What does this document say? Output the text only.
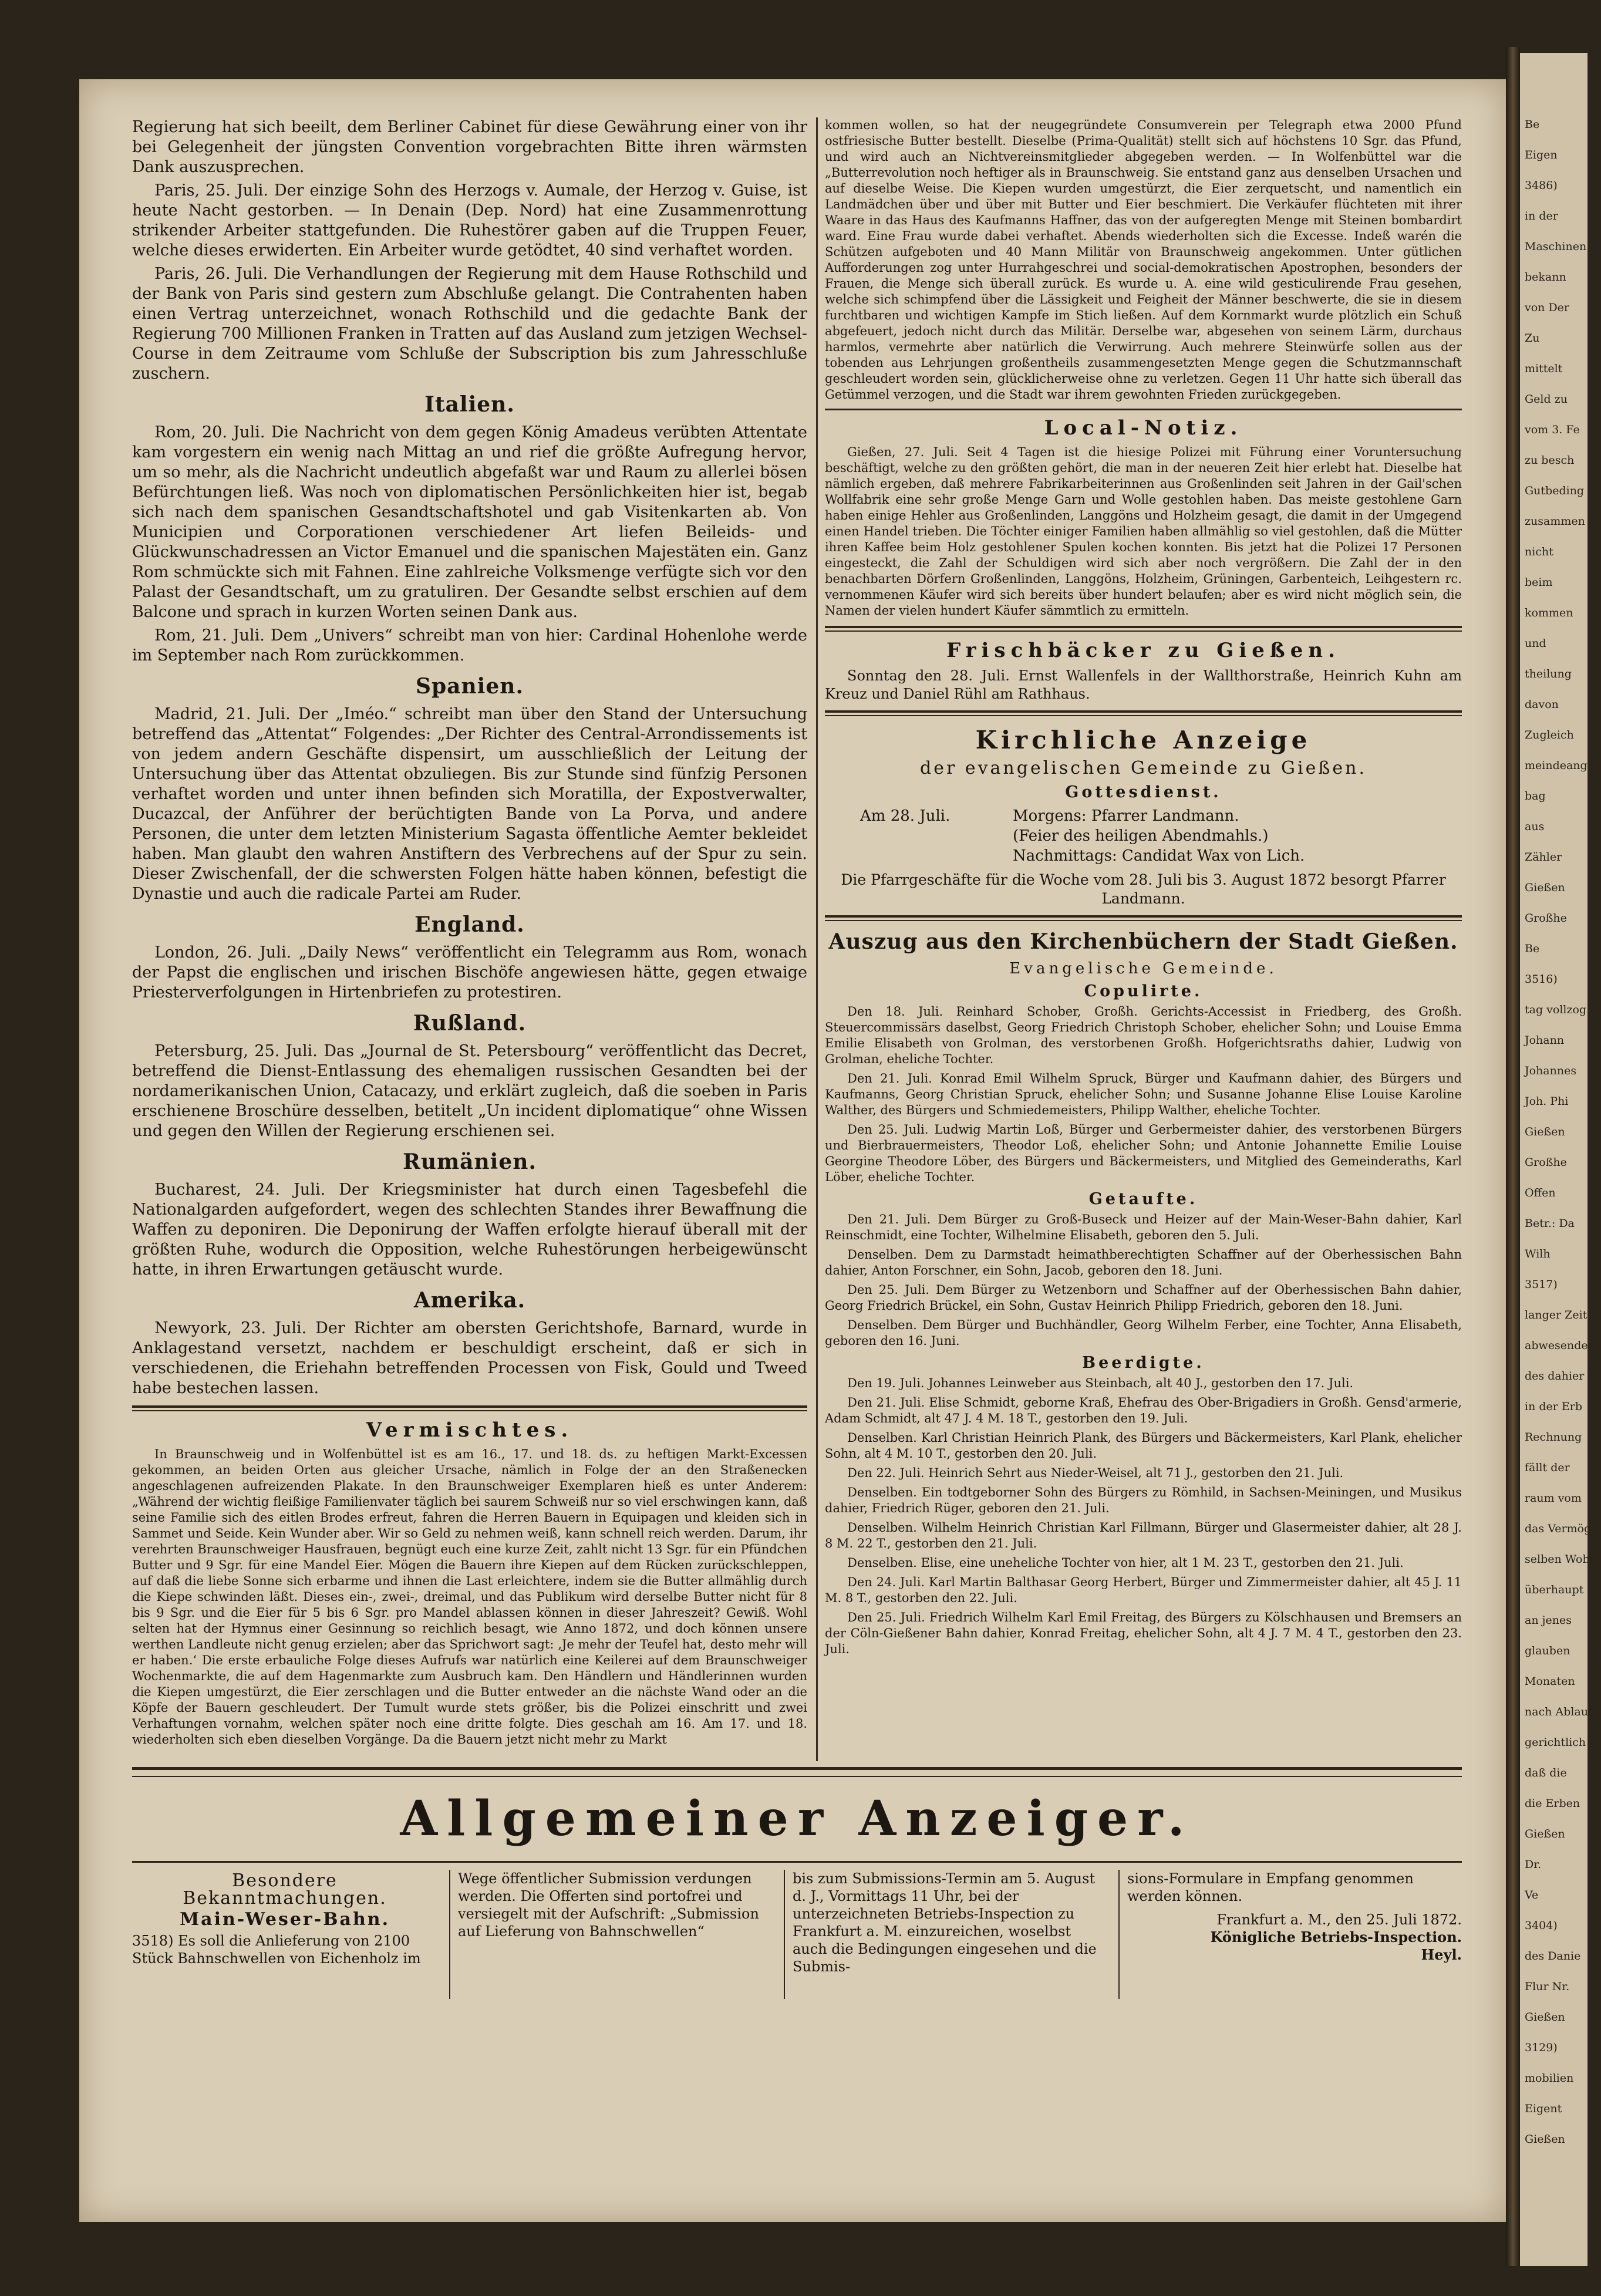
Be
Eigen
3486)
in der
Maschinen
bekann
von Der
Zu
mittelt
Geld zu
vom 3. Fe
zu besch
Gutbeding
zusammen
nicht
beim
kommen
und
theilung
davon
Zugleich
meindeangeh
bag
aus
Zähler
Gießen
Großhe
Be
3516)
tag vollzog
Johann
Johannes
Joh. Phi
Gießen
Großhe
Offen
Betr.: Da
Wilh
3517)
langer Zeit
abwesenden
des dahier
in der Erb
Rechnung
fällt der
raum vom
das Vermög
selben Wohn
überhaupt
an jenes
glauben
Monaten
nach Ablauf
gerichtlich
daß die
die Erben
Gießen
Dr.
Ve
3404)
des Danie
Flur Nr.
Gießen
3129)
mobilien
Eigent
Gießen

Regierung hat sich beeilt, dem Berliner Cabinet für diese Gewährung einer von ihr bei Gelegenheit der jüngsten Convention vorgebrachten Bitte ihren wärmsten Dank auszusprechen.

Paris, 25. Juli. Der einzige Sohn des Herzogs v. Aumale, der Herzog v. Guise, ist heute Nacht gestorben. — In Denain (Dep. Nord) hat eine Zusammenrottung strikender Arbeiter stattgefunden. Die Ruhestörer gaben auf die Truppen Feuer, welche dieses erwiderten. Ein Arbeiter wurde getödtet, 40 sind verhaftet worden.

Paris, 26. Juli. Die Verhandlungen der Regierung mit dem Hause Rothschild und der Bank von Paris sind gestern zum Abschluße gelangt. Die Contrahenten haben einen Vertrag unterzeichnet, wonach Rothschild und die gedachte Bank der Regierung 700 Millionen Franken in Tratten auf das Ausland zum jetzigen Wechsel-Course in dem Zeitraume vom Schluße der Subscription bis zum Jahresschluße zuschern.

Italien.

Rom, 20. Juli. Die Nachricht von dem gegen König Amadeus verübten Attentate kam vorgestern ein wenig nach Mittag an und rief die größte Aufregung hervor, um so mehr, als die Nachricht undeutlich abgefaßt war und Raum zu allerlei bösen Befürchtungen ließ. Was noch von diplomatischen Persönlichkeiten hier ist, begab sich nach dem spanischen Gesandtschaftshotel und gab Visitenkarten ab. Von Municipien und Corporationen verschiedener Art liefen Beileids- und Glückwunschadressen an Victor Emanuel und die spanischen Majestäten ein. Ganz Rom schmückte sich mit Fahnen. Eine zahlreiche Volksmenge verfügte sich vor den Palast der Gesandtschaft, um zu gratuliren. Der Gesandte selbst erschien auf dem Balcone und sprach in kurzen Worten seinen Dank aus.

Rom, 21. Juli. Dem „Univers“ schreibt man von hier: Cardinal Hohenlohe werde im September nach Rom zurückkommen.

Spanien.

Madrid, 21. Juli. Der „Iméo.“ schreibt man über den Stand der Untersuchung betreffend das „Attentat“ Folgendes: „Der Richter des Central-Arrondissements ist von jedem andern Geschäfte dispensirt, um ausschließlich der Leitung der Untersuchung über das Attentat obzuliegen. Bis zur Stunde sind fünfzig Personen verhaftet worden und unter ihnen befinden sich Moratilla, der Expostverwalter, Ducazcal, der Anführer der berüchtigten Bande von La Porva, und andere Personen, die unter dem letzten Ministerium Sagasta öffentliche Aemter bekleidet haben. Man glaubt den wahren Anstiftern des Verbrechens auf der Spur zu sein. Dieser Zwischenfall, der die schwersten Folgen hätte haben können, befestigt die Dynastie und auch die radicale Partei am Ruder.

England.

London, 26. Juli. „Daily News“ veröffentlicht ein Telegramm aus Rom, wonach der Papst die englischen und irischen Bischöfe angewiesen hätte, gegen etwaige Priesterverfolgungen in Hirtenbriefen zu protestiren.

Rußland.

Petersburg, 25. Juli. Das „Journal de St. Petersbourg“ veröffentlicht das Decret, betreffend die Dienst-Entlassung des ehemaligen russischen Gesandten bei der nordamerikanischen Union, Catacazy, und erklärt zugleich, daß die soeben in Paris erschienene Broschüre desselben, betitelt „Un incident diplomatique“ ohne Wissen und gegen den Willen der Regierung erschienen sei.

Rumänien.

Bucharest, 24. Juli. Der Kriegsminister hat durch einen Tagesbefehl die Nationalgarden aufgefordert, wegen des schlechten Standes ihrer Bewaffnung die Waffen zu deponiren. Die Deponirung der Waffen erfolgte hierauf überall mit der größten Ruhe, wodurch die Opposition, welche Ruhestörungen herbeigewünscht hatte, in ihren Erwartungen getäuscht wurde.

Amerika.

Newyork, 23. Juli. Der Richter am obersten Gerichtshofe, Barnard, wurde in Anklagestand versetzt, nachdem er beschuldigt erscheint, daß er sich in verschiedenen, die Eriehahn betreffenden Processen von Fisk, Gould und Tweed habe bestechen lassen.

Vermischtes.

In Braunschweig und in Wolfenbüttel ist es am 16., 17. und 18. ds. zu heftigen Markt-Excessen gekommen, an beiden Orten aus gleicher Ursache, nämlich in Folge der an den Straßenecken angeschlagenen aufreizenden Plakate. In den Braunschweiger Exemplaren hieß es unter Anderem: „Während der wichtig fleißige Familienvater täglich bei saurem Schweiß nur so viel erschwingen kann, daß seine Familie sich des eitlen Brodes erfreut, fahren die Herren Bauern in Equipagen und kleiden sich in Sammet und Seide. Kein Wunder aber. Wir so Geld zu nehmen weiß, kann schnell reich werden. Darum, ihr verehrten Braunschweiger Hausfrauen, begnügt euch eine kurze Zeit, zahlt nicht 13 Sgr. für ein Pfündchen Butter und 9 Sgr. für eine Mandel Eier. Mögen die Bauern ihre Kiepen auf dem Rücken zurückschleppen, auf daß die liebe Sonne sich erbarme und ihnen die Last erleichtere, indem sie die Butter allmählig durch die Kiepe schwinden läßt. Dieses ein-, zwei-, dreimal, und das Publikum wird derselbe Butter nicht für 8 bis 9 Sgr. und die Eier für 5 bis 6 Sgr. pro Mandel ablassen können in dieser Jahreszeit? Gewiß. Wohl selten hat der Hymnus einer Gesinnung so reichlich besagt, wie Anno 1872, und doch können unsere werthen Landleute nicht genug erzielen; aber das Sprichwort sagt: ‚Je mehr der Teufel hat, desto mehr will er haben.‘ Die erste erbauliche Folge dieses Aufrufs war natürlich eine Keilerei auf dem Braunschweiger Wochenmarkte, die auf dem Hagenmarkte zum Ausbruch kam. Den Händlern und Händlerinnen wurden die Kiepen umgestürzt, die Eier zerschlagen und die Butter entweder an die nächste Wand oder an die Köpfe der Bauern geschleudert. Der Tumult wurde stets größer, bis die Polizei einschritt und zwei Verhaftungen vornahm, welchen später noch eine dritte folgte. Dies geschah am 16. Am 17. und 18. wiederholten sich eben dieselben Vorgänge. Da die Bauern jetzt nicht mehr zu Markt

kommen wollen, so hat der neugegründete Consumverein per Telegraph etwa 2000 Pfund ostfriesische Butter bestellt. Dieselbe (Prima-Qualität) stellt sich auf höchstens 10 Sgr. das Pfund, und wird auch an Nichtvereinsmitglieder abgegeben werden. — In Wolfenbüttel war die „Butterrevolution noch heftiger als in Braunschweig. Sie entstand ganz aus denselben Ursachen und auf dieselbe Weise. Die Kiepen wurden umgestürzt, die Eier zerquetscht, und namentlich ein Landmädchen über und über mit Butter und Eier beschmiert. Die Verkäufer flüchteten mit ihrer Waare in das Haus des Kaufmanns Haffner, das von der aufgeregten Menge mit Steinen bombardirt ward. Eine Frau wurde dabei verhaftet. Abends wiederholten sich die Excesse. Indeß warén die Schützen aufgeboten und 40 Mann Militär von Braunschweig angekommen. Unter gütlichen Aufforderungen zog unter Hurrahgeschrei und social-demokratischen Apostrophen, besonders der Frauen, die Menge sich überall zurück. Es wurde u. A. eine wild gesticulirende Frau gesehen, welche sich schimpfend über die Lässigkeit und Feigheit der Männer beschwerte, die sie in diesem furchtbaren und wichtigen Kampfe im Stich ließen. Auf dem Kornmarkt wurde plötzlich ein Schuß abgefeuert, jedoch nicht durch das Militär. Derselbe war, abgesehen von seinem Lärm, durchaus harmlos, vermehrte aber natürlich die Verwirrung. Auch mehrere Steinwürfe sollen aus der tobenden aus Lehrjungen großentheils zusammengesetzten Menge gegen die Schutzmannschaft geschleudert worden sein, glücklicherweise ohne zu verletzen. Gegen 11 Uhr hatte sich überall das Getümmel verzogen, und die Stadt war ihrem gewohnten Frieden zurückgegeben.

Local-Notiz.

Gießen, 27. Juli. Seit 4 Tagen ist die hiesige Polizei mit Führung einer Voruntersuchung beschäftigt, welche zu den größten gehört, die man in der neueren Zeit hier erlebt hat. Dieselbe hat nämlich ergeben, daß mehrere Fabrikarbeiterinnen aus Großenlinden seit Jahren in der Gail'schen Wollfabrik eine sehr große Menge Garn und Wolle gestohlen haben. Das meiste gestohlene Garn haben einige Hehler aus Großenlinden, Langgöns und Holzheim gesagt, die damit in der Umgegend einen Handel trieben. Die Töchter einiger Familien haben allmählig so viel gestohlen, daß die Mütter ihren Kaffee beim Holz gestohlener Spulen kochen konnten. Bis jetzt hat die Polizei 17 Personen eingesteckt, die Zahl der Schuldigen wird sich aber noch vergrößern. Die Zahl der in den benachbarten Dörfern Großenlinden, Langgöns, Holzheim, Grüningen, Garbenteich, Leihgestern rc. vernommenen Käufer wird sich bereits über hundert belaufen; aber es wird nicht möglich sein, die Namen der vielen hundert Käufer sämmtlich zu ermitteln.

Frischbäcker zu Gießen.

Sonntag den 28. Juli. Ernst Wallenfels in der Wallthorstraße, Heinrich Kuhn am Kreuz und Daniel Rühl am Rathhaus.

Kirchliche Anzeige
der evangelischen Gemeinde zu Gießen.
Gottesdienst.
Am 28. Juli.	Morgens: Pfarrer Landmann.
(Feier des heiligen Abendmahls.)
Nachmittags: Candidat Wax von Lich.
Die Pfarrgeschäfte für die Woche vom 28. Juli bis 3. August 1872 besorgt Pfarrer Landmann.
Auszug aus den Kirchenbüchern der Stadt Gießen.
Evangelische Gemeinde.
Copulirte.

Den 18. Juli. Reinhard Schober, Großh. Gerichts-Accessist in Friedberg, des Großh. Steuercommissärs daselbst, Georg Friedrich Christoph Schober, ehelicher Sohn; und Louise Emma Emilie Elisabeth von Grolman, des verstorbenen Großh. Hofgerichtsraths dahier, Ludwig von Grolman, eheliche Tochter.

Den 21. Juli. Konrad Emil Wilhelm Spruck, Bürger und Kaufmann dahier, des Bürgers und Kaufmanns, Georg Christian Spruck, ehelicher Sohn; und Susanne Johanne Elise Louise Karoline Walther, des Bürgers und Schmiedemeisters, Philipp Walther, eheliche Tochter.

Den 25. Juli. Ludwig Martin Loß, Bürger und Gerbermeister dahier, des verstorbenen Bürgers und Bierbrauermeisters, Theodor Loß, ehelicher Sohn; und Antonie Johannette Emilie Louise Georgine Theodore Löber, des Bürgers und Bäckermeisters, und Mitglied des Gemeinderaths, Karl Löber, eheliche Tochter.

Getaufte.

Den 21. Juli. Dem Bürger zu Groß-Buseck und Heizer auf der Main-Weser-Bahn dahier, Karl Reinschmidt, eine Tochter, Wilhelmine Elisabeth, geboren den 5. Juli.

Denselben. Dem zu Darmstadt heimathberechtigten Schaffner auf der Oberhessischen Bahn dahier, Anton Forschner, ein Sohn, Jacob, geboren den 18. Juni.

Den 25. Juli. Dem Bürger zu Wetzenborn und Schaffner auf der Oberhessischen Bahn dahier, Georg Friedrich Brückel, ein Sohn, Gustav Heinrich Philipp Friedrich, geboren den 18. Juni.

Denselben. Dem Bürger und Buchhändler, Georg Wilhelm Ferber, eine Tochter, Anna Elisabeth, geboren den 16. Juni.

Beerdigte.

Den 19. Juli. Johannes Leinweber aus Steinbach, alt 40 J., gestorben den 17. Juli.

Den 21. Juli. Elise Schmidt, geborne Kraß, Ehefrau des Ober-Brigadiers in Großh. Gensd'armerie, Adam Schmidt, alt 47 J. 4 M. 18 T., gestorben den 19. Juli.

Denselben. Karl Christian Heinrich Plank, des Bürgers und Bäckermeisters, Karl Plank, ehelicher Sohn, alt 4 M. 10 T., gestorben den 20. Juli.

Den 22. Juli. Heinrich Sehrt aus Nieder-Weisel, alt 71 J., gestorben den 21. Juli.

Denselben. Ein todtgeborner Sohn des Bürgers zu Römhild, in Sachsen-Meiningen, und Musikus dahier, Friedrich Rüger, geboren den 21. Juli.

Denselben. Wilhelm Heinrich Christian Karl Fillmann, Bürger und Glasermeister dahier, alt 28 J. 8 M. 22 T., gestorben den 21. Juli.

Denselben. Elise, eine uneheliche Tochter von hier, alt 1 M. 23 T., gestorben den 21. Juli.

Den 24. Juli. Karl Martin Balthasar Georg Herbert, Bürger und Zimmermeister dahier, alt 45 J. 11 M. 8 T., gestorben den 22. Juli.

Den 25. Juli. Friedrich Wilhelm Karl Emil Freitag, des Bürgers zu Kölschhausen und Bremsers an der Cöln-Gießener Bahn dahier, Konrad Freitag, ehelicher Sohn, alt 4 J. 7 M. 4 T., gestorben den 23. Juli.

Allgemeiner Anzeiger.
Besondere Bekanntmachungen.
Main-Weser-Bahn.
3518) Es soll die Anlieferung von 2100 Stück Bahnschwellen von Eichenholz im
Wege öffentlicher Submission verdungen werden. Die Offerten sind portofrei und versiegelt mit der Aufschrift: „Submission auf Lieferung von Bahnschwellen“
bis zum Submissions-Termin am 5. August d. J., Vormittags 11 Uhr, bei der unterzeichneten Betriebs-Inspection zu Frankfurt a. M. einzureichen, woselbst auch die Bedingungen eingesehen und die Submis-
sions-Formulare in Empfang genommen werden können.
Frankfurt a. M., den 25. Juli 1872.
Königliche Betriebs-Inspection.
Heyl.
